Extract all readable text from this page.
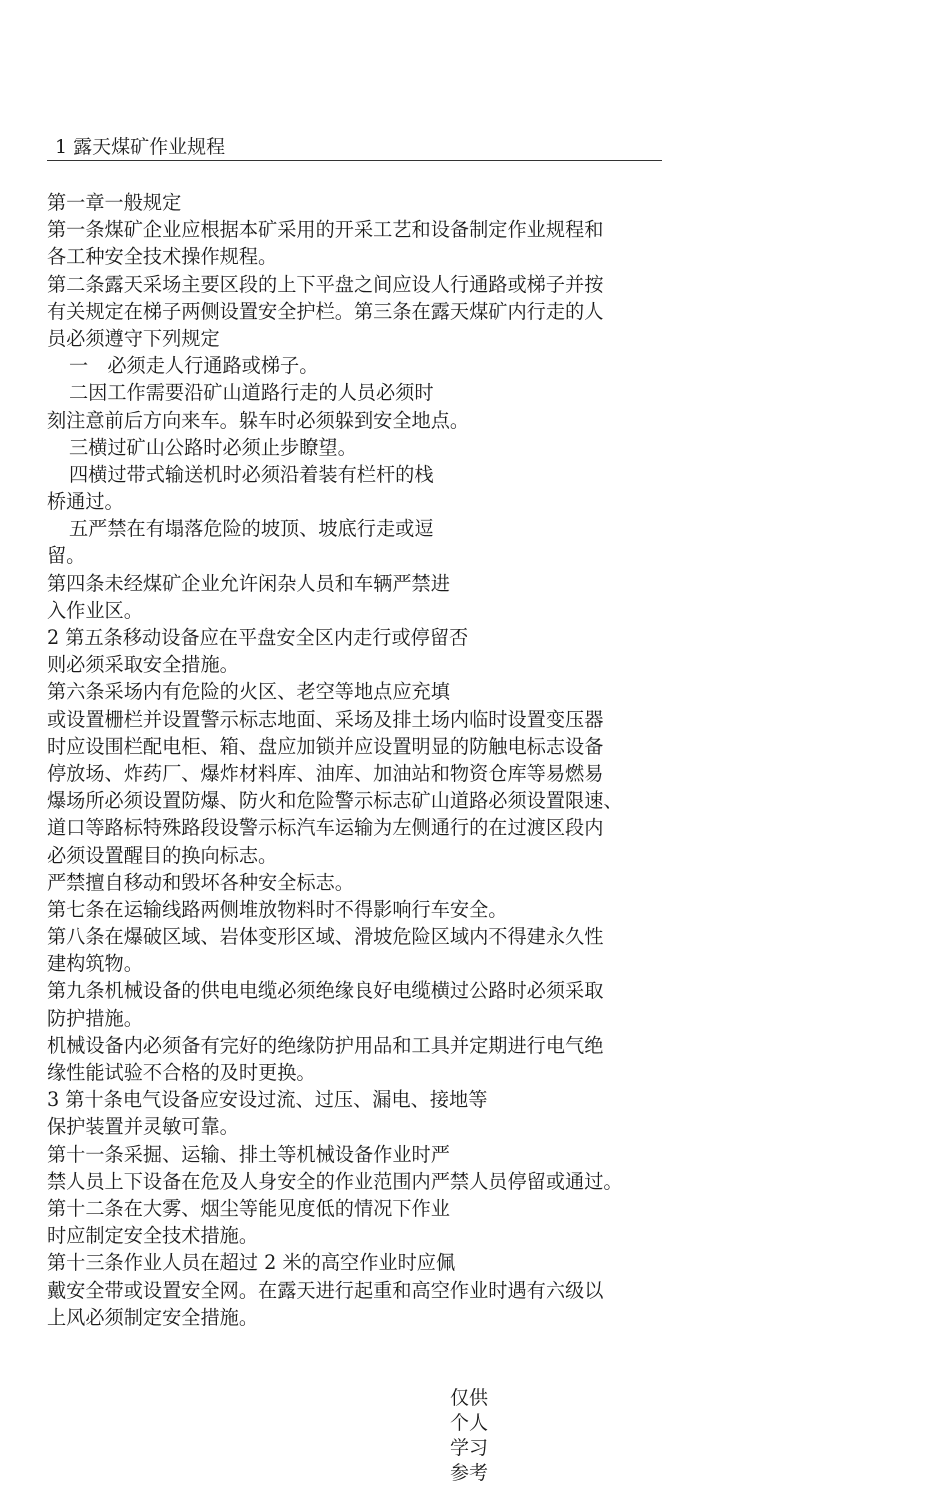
1 露天煤矿作业规程
第一章一般规定
第一条煤矿企业应根据本矿采用的开采工艺和设备制定作业规程和
各工种安全技术操作规程。
第二条露天采场主要区段的上下平盘之间应设人行通路或梯子并按
有关规定在梯子两侧设置安全护栏。第三条在露天煤矿内行走的人
员必须遵守下列规定
一　必须走人行通路或梯子。
二因工作需要沿矿山道路行走的人员必须时
刻注意前后方向来车。躲车时必须躲到安全地点。
三横过矿山公路时必须止步瞭望。
四横过带式输送机时必须沿着装有栏杆的栈
桥通过。
五严禁在有塌落危险的坡顶、坡底行走或逗
留。
第四条未经煤矿企业允许闲杂人员和车辆严禁进
入作业区。
2 第五条移动设备应在平盘安全区内走行或停留否
则必须采取安全措施。
第六条采场内有危险的火区、老空等地点应充填
或设置栅栏并设置警示标志地面、采场及排土场内临时设置变压器
时应设围栏配电柜、箱、盘应加锁并应设置明显的防触电标志设备
停放场、炸药厂、爆炸材料库、油库、加油站和物资仓库等易燃易
爆场所必须设置防爆、防火和危险警示标志矿山道路必须设置限速、
道口等路标特殊路段设警示标汽车运输为左侧通行的在过渡区段内
必须设置醒目的换向标志。
严禁擅自移动和毁坏各种安全标志。
第七条在运输线路两侧堆放物料时不得影响行车安全。
第八条在爆破区域、岩体变形区域、滑坡危险区域内不得建永久性
建构筑物。
第九条机械设备的供电电缆必须绝缘良好电缆横过公路时必须采取
防护措施。
机械设备内必须备有完好的绝缘防护用品和工具并定期进行电气绝
缘性能试验不合格的及时更换。
3 第十条电气设备应安设过流、过压、漏电、接地等
保护装置并灵敏可靠。
第十一条采掘、运输、排土等机械设备作业时严
禁人员上下设备在危及人身安全的作业范围内严禁人员停留或通过。
第十二条在大雾、烟尘等能见度低的情况下作业
时应制定安全技术措施。
第十三条作业人员在超过 2 米的高空作业时应佩
戴安全带或设置安全网。在露天进行起重和高空作业时遇有六级以
上风必须制定安全措施。
仅供
个人
学习
参考
